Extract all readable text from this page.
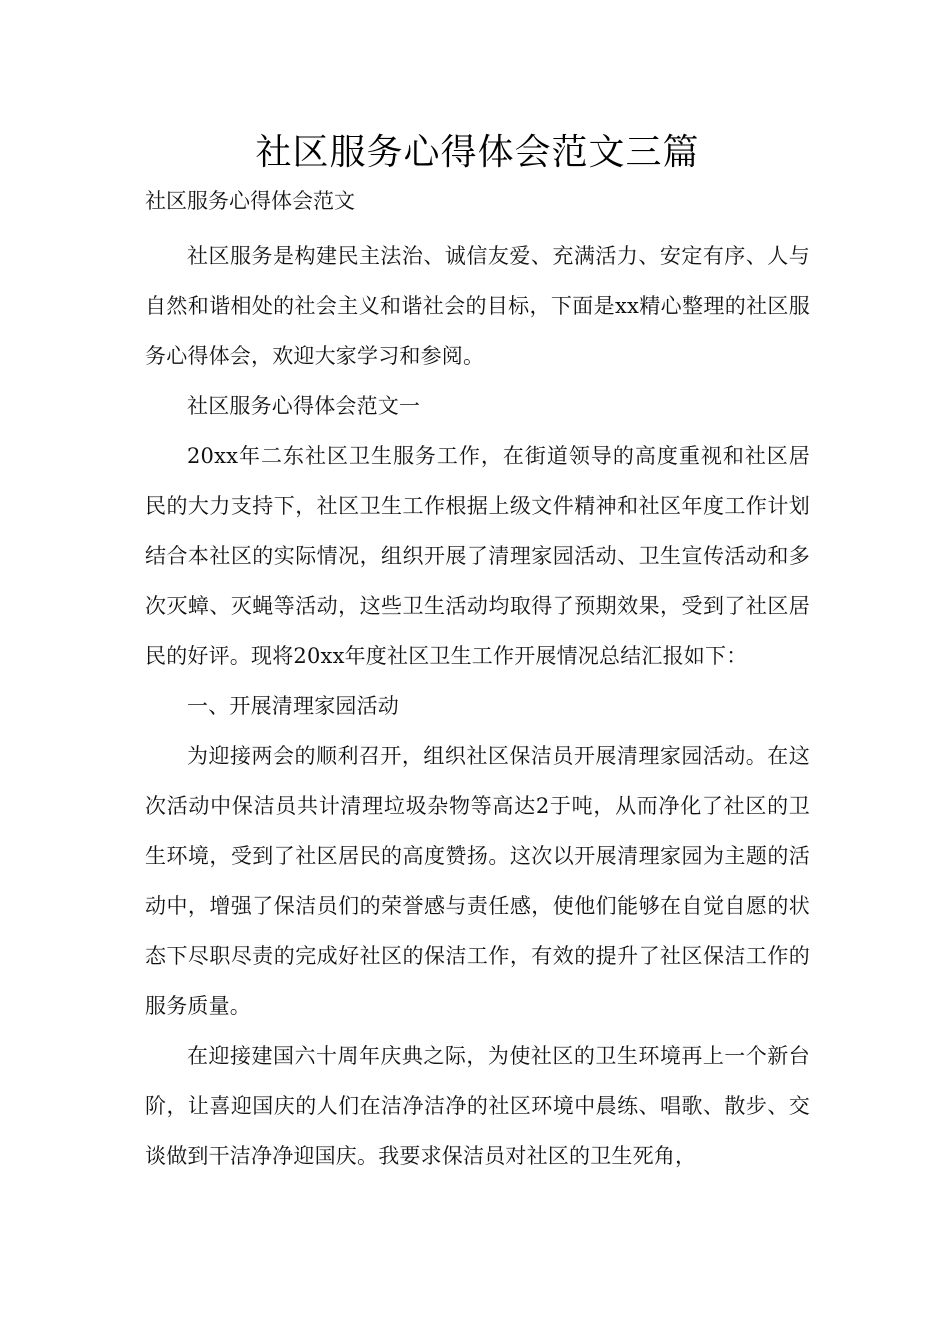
社区服务心得体会范文三篇

社区服务心得体会范文

社区服务是构建民主法治、诚信友爱、充满活力、安定有序、人与自然和谐相处的社会主义和谐社会的目标，下面是xx精心整理的社区服务心得体会，欢迎大家学习和参阅。

社区服务心得体会范文一

20xx年二东社区卫生服务工作，在街道领导的高度重视和社区居民的大力支持下，社区卫生工作根据上级文件精神和社区年度工作计划结合本社区的实际情况，组织开展了清理家园活动、卫生宣传活动和多次灭蟑、灭蝇等活动，这些卫生活动均取得了预期效果，受到了社区居民的好评。现将20xx年度社区卫生工作开展情况总结汇报如下：

一、开展清理家园活动

为迎接两会的顺利召开，组织社区保洁员开展清理家园活动。在这次活动中保洁员共计清理垃圾杂物等高达2于吨，从而净化了社区的卫生环境，受到了社区居民的高度赞扬。这次以开展清理家园为主题的活动中，增强了保洁员们的荣誉感与责任感，使他们能够在自觉自愿的状态下尽职尽责的完成好社区的保洁工作，有效的提升了社区保洁工作的服务质量。

在迎接建国六十周年庆典之际，为使社区的卫生环境再上一个新台阶，让喜迎国庆的人们在洁净洁净的社区环境中晨练、唱歌、散步、交谈做到干洁净净迎国庆。我要求保洁员对社区的卫生死角，
